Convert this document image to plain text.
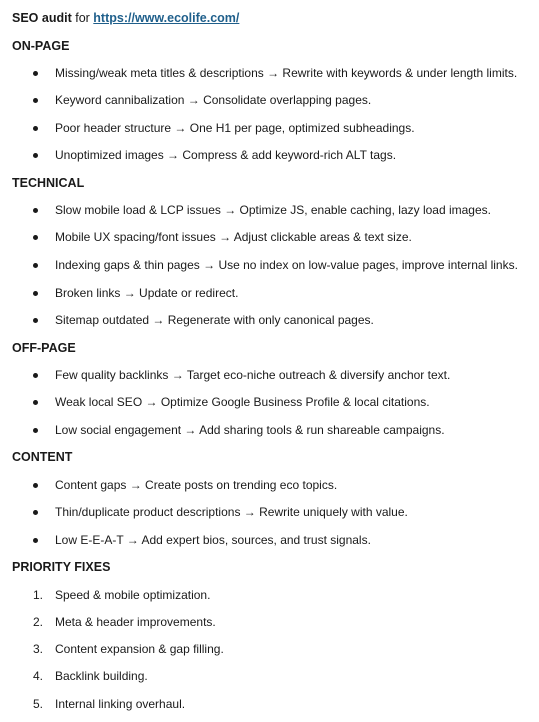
SEO audit for https://www.ecolife.com/
ON-PAGE
Missing/weak meta titles & descriptions → Rewrite with keywords & under length limits.
Keyword cannibalization → Consolidate overlapping pages.
Poor header structure → One H1 per page, optimized subheadings.
Unoptimized images → Compress & add keyword-rich ALT tags.
TECHNICAL
Slow mobile load & LCP issues → Optimize JS, enable caching, lazy load images.
Mobile UX spacing/font issues → Adjust clickable areas & text size.
Indexing gaps & thin pages → Use no index on low-value pages, improve internal links.
Broken links → Update or redirect.
Sitemap outdated → Regenerate with only canonical pages.
OFF-PAGE
Few quality backlinks → Target eco-niche outreach & diversify anchor text.
Weak local SEO → Optimize Google Business Profile & local citations.
Low social engagement → Add sharing tools & run shareable campaigns.
CONTENT
Content gaps → Create posts on trending eco topics.
Thin/duplicate product descriptions → Rewrite uniquely with value.
Low E-E-A-T → Add expert bios, sources, and trust signals.
PRIORITY FIXES
1. Speed & mobile optimization.
2. Meta & header improvements.
3. Content expansion & gap filling.
4. Backlink building.
5. Internal linking overhaul.
